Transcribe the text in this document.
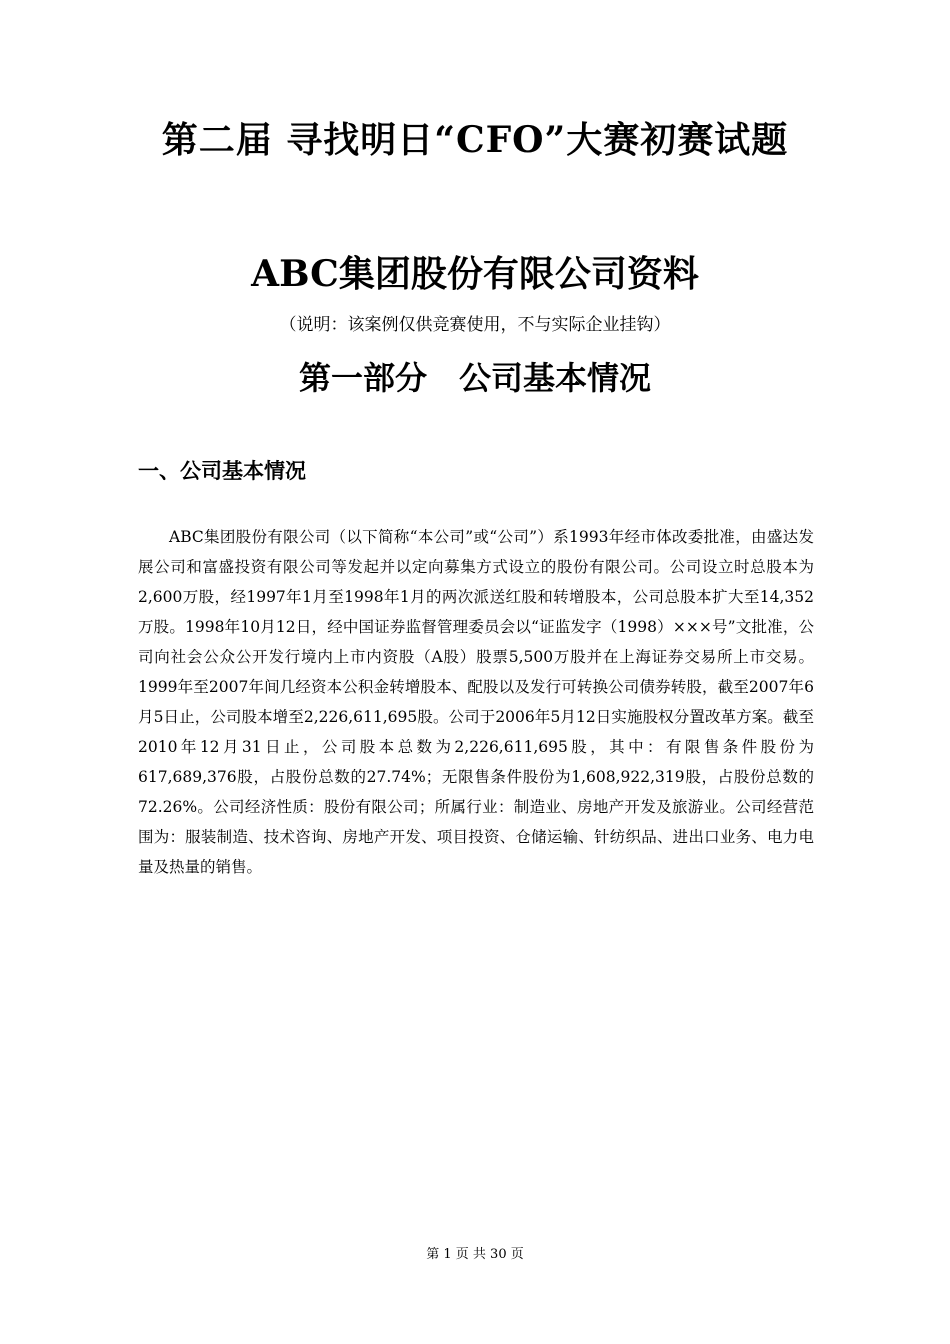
第二届 寻找明日“CFO”大赛初赛试题
ABC集团股份有限公司资料

（说明：该案例仅供竞赛使用，不与实际企业挂钩）

第一部分　公司基本情况
一、公司基本情况

ABC集团股份有限公司（以下简称“本公司”或“公司”）系1993年经市体改委批准，由盛达发展公司和富盛投资有限公司等发起并以定向募集方式设立的股份有限公司。公司设立时总股本为2,600万股，经1997年1月至1998年1月的两次派送红股和转增股本，公司总股本扩大至14,352万股。1998年10月12日，经中国证券监督管理委员会以“证监发字（1998）×××号”文批准，公司向社会公众公开发行境内上市内资股（A股）股票5,500万股并在上海证券交易所上市交易。1999年至2007年间几经资本公积金转增股本、配股以及发行可转换公司债券转股，截至2007年6月5日止，公司股本增至2,226,611,695股。公司于2006年5月12日实施股权分置改革方案。截至2010年12月31日止，公司股本总数为2,226,611,695股，其中：有限售条件股份为617,689,376股，占股份总数的27.74%；无限售条件股份为1,608,922,319股，占股份总数的72.26%。公司经济性质：股份有限公司；所属行业：制造业、房地产开发及旅游业。公司经营范围为：服装制造、技术咨询、房地产开发、项目投资、仓储运输、针纺织品、进出口业务、电力电量及热量的销售。

第 1 页 共 30 页
